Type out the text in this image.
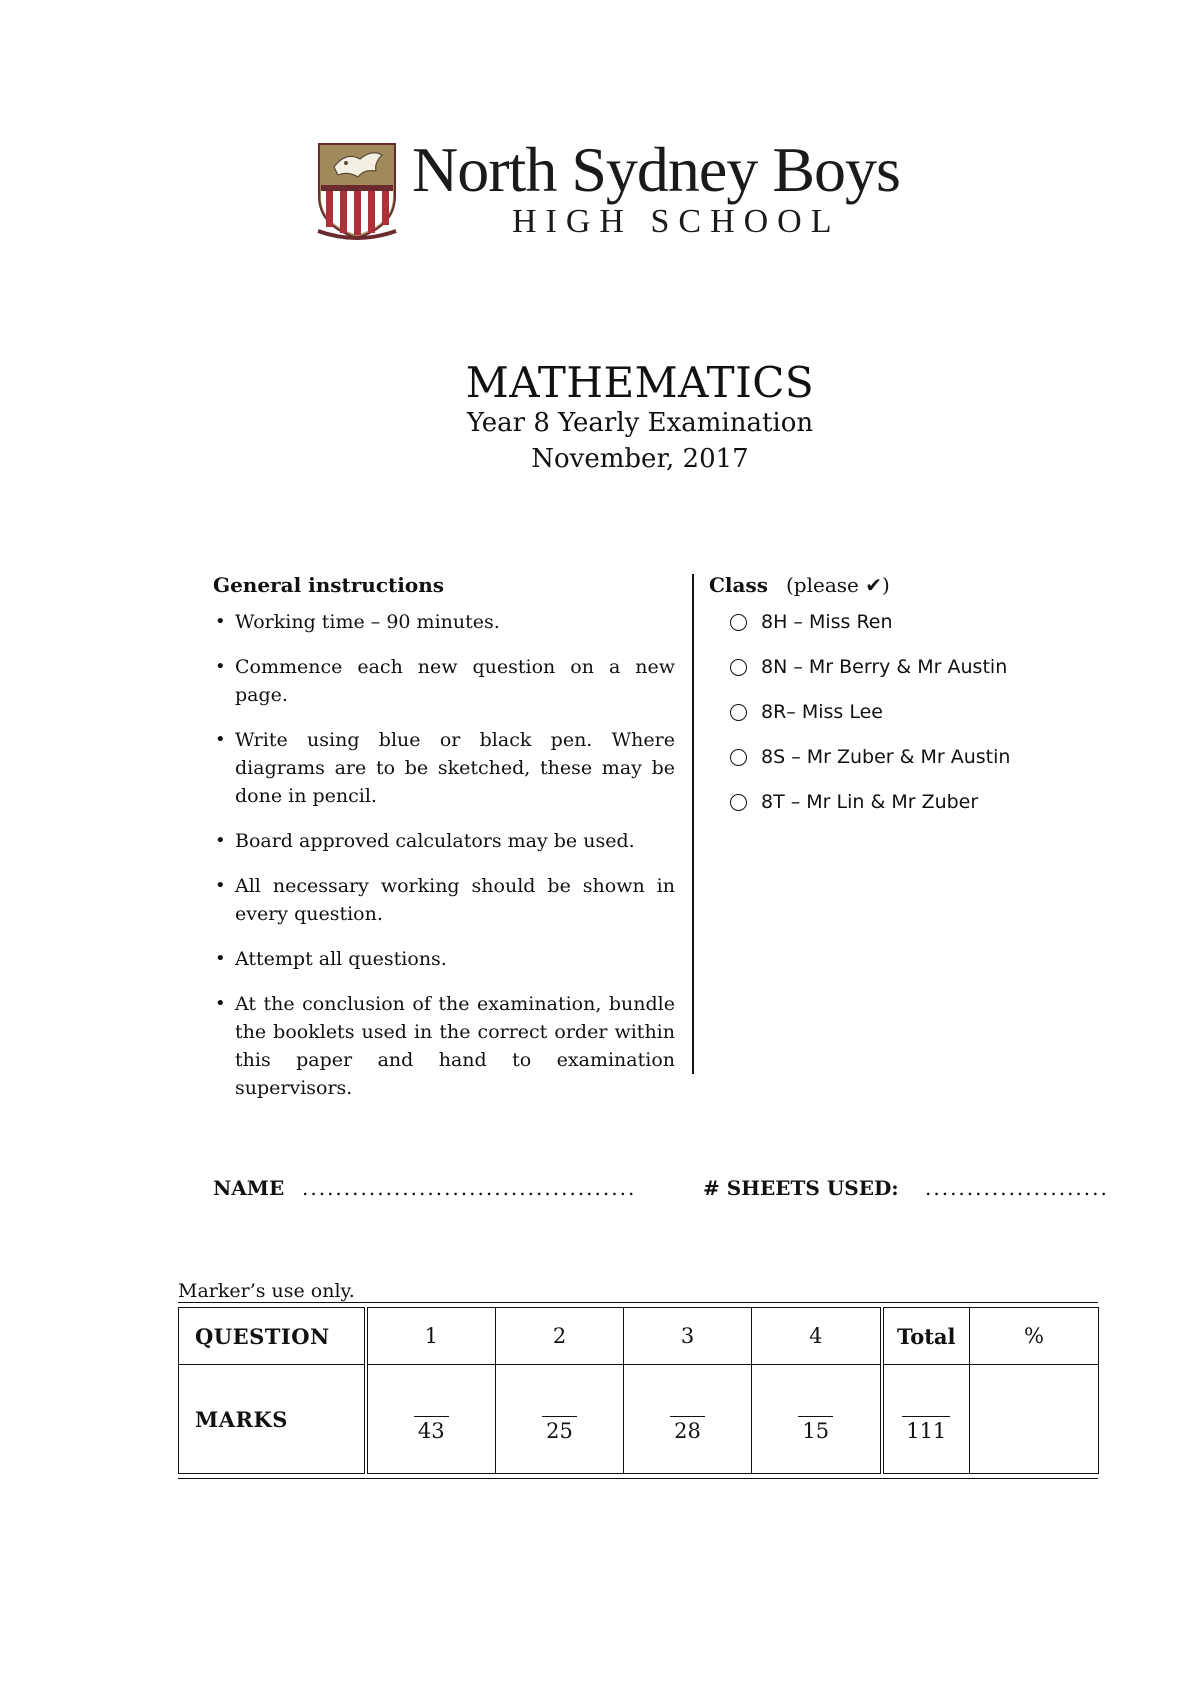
North Sydney Boys
HIGH SCHOOL
MATHEMATICS
Year 8 Yearly Examination
November, 2017
General instructions
• Working time – 90 minutes.
• Commence each new question on a new page.
• Write using blue or black pen. Where diagrams are to be sketched, these may be done in pencil.
• Board approved calculators may be used.
• All necessary working should be shown in every question.
• Attempt all questions.
• At the conclusion of the examination, bundle the booklets used in the correct order within this paper and hand to examination supervisors.
Class (please ✔)
8H – Miss Ren
8N – Mr Berry & Mr Austin
8R– Miss Lee
8S – Mr Zuber & Mr Austin
8T – Mr Lin & Mr Zuber
NAME ........................................	# SHEETS USED: ......................
Marker’s use only.
QUESTION	1	2	3	4	Total	%
MARKS	43	25	28	15	111	
